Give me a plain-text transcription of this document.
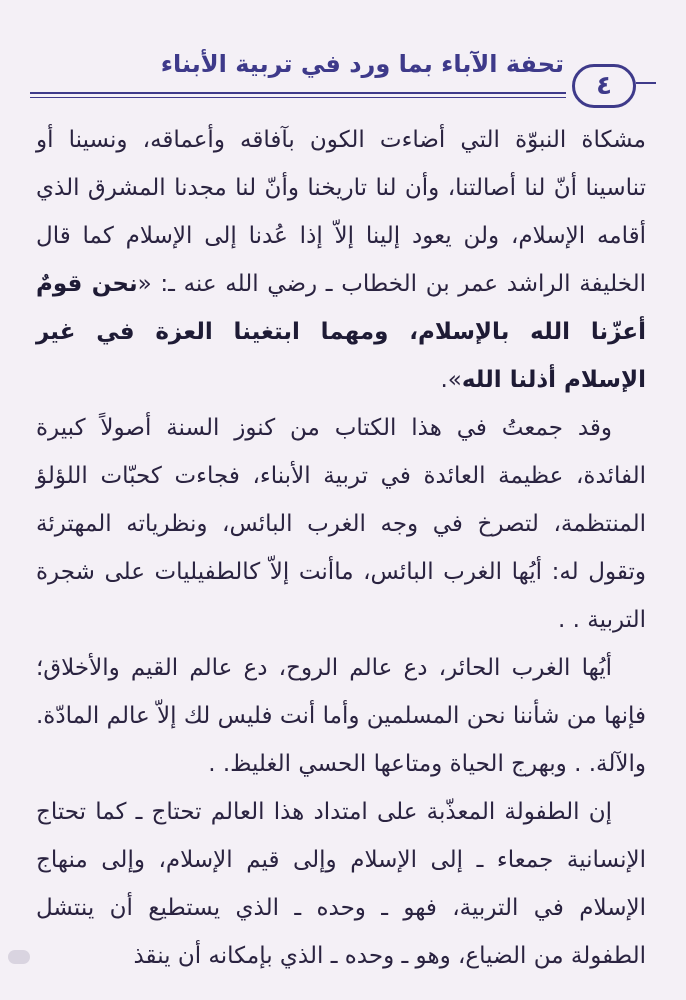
تحفة الآباء بما ورد في تربية الأبناء
٤

مشكاة النبوّة التي أضاءت الكون بآفاقه وأعماقه، ونسينا أو تناسينا أنّ لنا أصالتنا، وأن لنا تاريخنا وأنّ لنا مجدنا المشرق الذي أقامه الإسلام، ولن يعود إلينا إلاّ إذا عُدنا إلى الإسلام كما قال الخليفة الراشد عمر بن الخطاب ـ رضي الله عنه ـ: «نحن قومٌ أعزّنا الله بالإسلام، ومهما ابتغينا العزة في غير الإسلام أذلنا الله».

وقد جمعتُ في هذا الكتاب من كنوز السنة أصولاً كبيرة الفائدة، عظيمة العائدة في تربية الأبناء، فجاءت كحبّات اللؤلؤ المنتظمة، لتصرخ في وجه الغرب البائس، ونظرياته المهترئة وتقول له: أيُها الغرب البائس، ماأنت إلاّ كالطفيليات على شجرة التربية . .

أيُها الغرب الحائر، دع عالم الروح، دع عالم القيم والأخلاق؛ فإنها من شأننا نحن المسلمين وأما أنت فليس لك إلاّ عالم المادّة. والآلة. . وبهرج الحياة ومتاعها الحسي الغليظ. .

إن الطفولة المعذّبة على امتداد هذا العالم تحتاج ـ كما تحتاج الإنسانية جمعاء ـ إلى الإسلام وإلى قيم الإسلام، وإلى منهاج الإسلام في التربية، فهو ـ وحده ـ الذي يستطيع أن ينتشل الطفولة من الضياع، وهو ـ وحده ـ الذي بإمكانه أن ينقذ
